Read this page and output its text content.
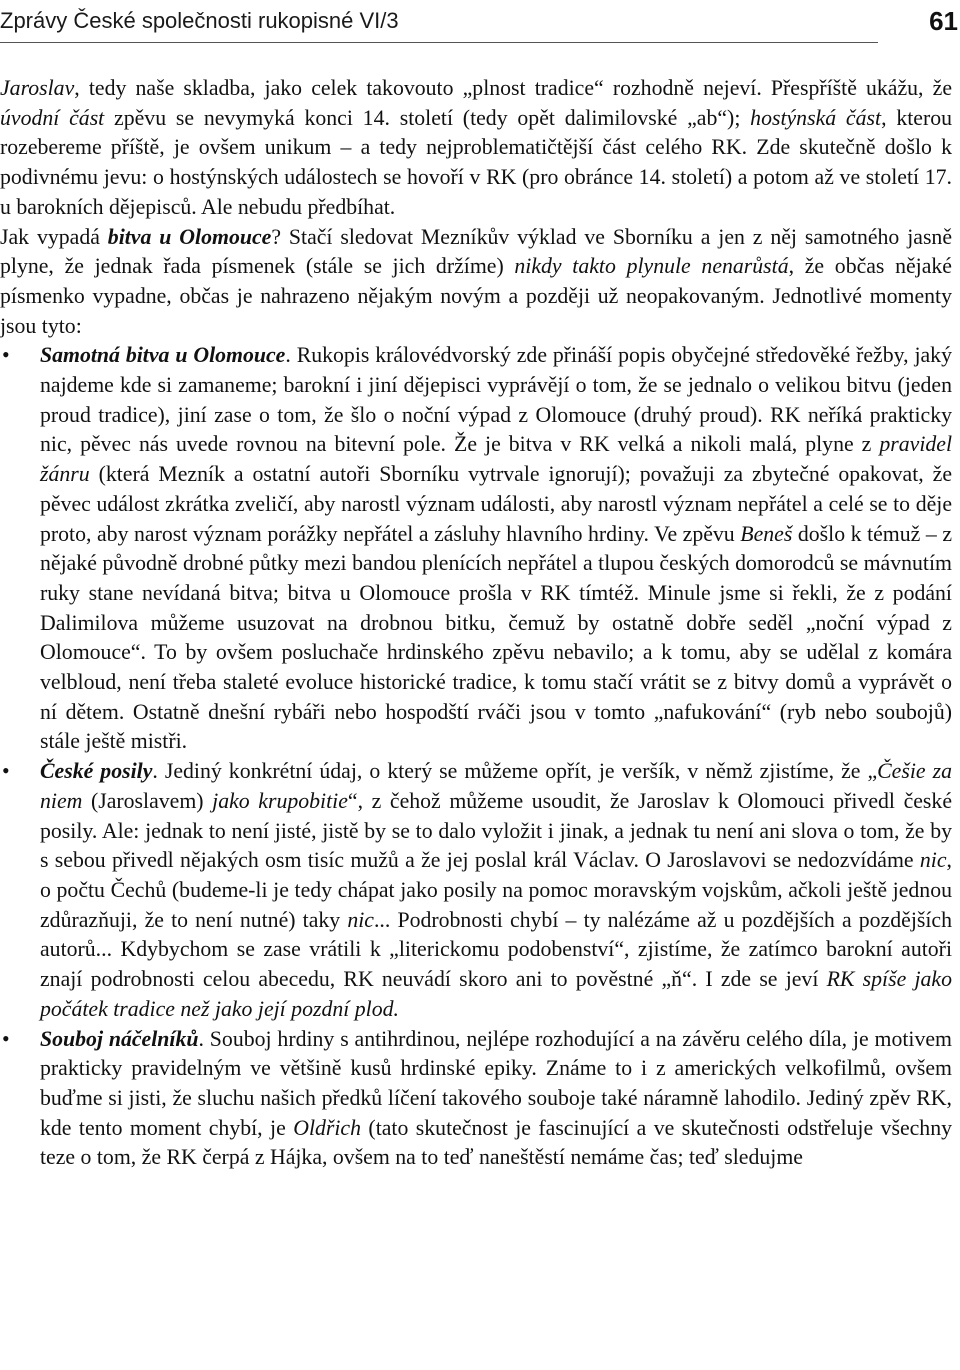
Zprávy České společnosti rukopisné VI/3	61

Jaroslav, tedy naše skladba, jako celek takovouto „plnost tradice“ rozhodně nejeví. Přespříště ukážu, že úvodní část zpěvu se nevymyká konci 14. století (tedy opět dalimilovské „ab“); hostýnská část, kterou rozebereme příště, je ovšem unikum – a tedy nejproblematičtější část celého RK. Zde skutečně došlo k podivnému jevu: o hostýnských událostech se hovoří v RK (pro obránce 14. století) a potom až ve století 17. u barokních dějepisců. Ale nebudu předbíhat.

Jak vypadá bitva u Olomouce? Stačí sledovat Mezníkův výklad ve Sborníku a jen z něj samotného jasně plyne, že jednak řada písmenek (stále se jich držíme) nikdy takto plynule nenarůstá, že občas nějaké písmenko vypadne, občas je nahrazeno nějakým novým a později už neopakovaným. Jednotlivé momenty jsou tyto:

• Samotná bitva u Olomouce. Rukopis královédvorský zde přináší popis obyčejné středověké řežby, jaký najdeme kde si zamaneme; barokní i jiní dějepisci vyprávějí o tom, že se jednalo o velikou bitvu (jeden proud tradice), jiní zase o tom, že šlo o noční výpad z Olomouce (druhý proud). RK neříká prakticky nic, pěvec nás uvede rovnou na bitevní pole. Že je bitva v RK velká a nikoli malá, plyne z pravidel žánru (která Mezník a ostatní autoři Sborníku vytrvale ignorují); považuji za zbytečné opakovat, že pěvec událost zkrátka zveličí, aby narostl význam události, aby narostl význam nepřátel a celé se to děje proto, aby narost význam porážky nepřátel a zásluhy hlavního hrdiny. Ve zpěvu Beneš došlo k témuž – z nějaké původně drobné půtky mezi bandou plenících nepřátel a tlupou českých domorodců se mávnutím ruky stane nevídaná bitva; bitva u Olomouce prošla v RK tímtéž. Minule jsme si řekli, že z podání Dalimilova můžeme usuzovat na drobnou bitku, čemuž by ostatně dobře seděl „noční výpad z Olomouce“. To by ovšem posluchače hrdinského zpěvu nebavilo; a k tomu, aby se udělal z komára velbloud, není třeba staleté evoluce historické tradice, k tomu stačí vrátit se z bitvy domů a vyprávět o ní dětem. Ostatně dnešní rybáři nebo hospodští rváči jsou v tomto „nafukování“ (ryb nebo soubojů) stále ještě mistři.
• České posily. Jediný konkrétní údaj, o který se můžeme opřít, je veršík, v němž zjistíme, že „Češie za niem (Jaroslavem) jako krupobitie“, z čehož můžeme usoudit, že Jaroslav k Olomouci přivedl české posily. Ale: jednak to není jisté, jistě by se to dalo vyložit i jinak, a jednak tu není ani slova o tom, že by s sebou přivedl nějakých osm tisíc mužů a že jej poslal král Václav. O Jaroslavovi se nedozvídáme nic, o počtu Čechů (budeme-li je tedy chápat jako posily na pomoc moravským vojskům, ačkoli ještě jednou zdůrazňuji, že to není nutné) taky nic... Podrobnosti chybí – ty nalézáme až u pozdějších a pozdějších autorů... Kdybychom se zase vrátili k „literickomu podobenství“, zjistíme, že zatímco barokní autoři znají podrobnosti celou abecedu, RK neuvádí skoro ani to pověstné „ň“. I zde se jeví RK spíše jako počátek tradice než jako její pozdní plod.
• Souboj náčelníků. Souboj hrdiny s antihrdinou, nejlépe rozhodující a na závěru celého díla, je motivem prakticky pravidelným ve většině kusů hrdinské epiky. Známe to i z amerických velkofilmů, ovšem buďme si jisti, že sluchu našich předků líčení takového souboje také náramně lahodilo. Jediný zpěv RK, kde tento moment chybí, je Oldřich (tato skutečnost je fascinující a ve skutečnosti odstřeluje všechny teze o tom, že RK čerpá z Hájka, ovšem na to teď naneštěstí nemáme čas; teď sledujme
